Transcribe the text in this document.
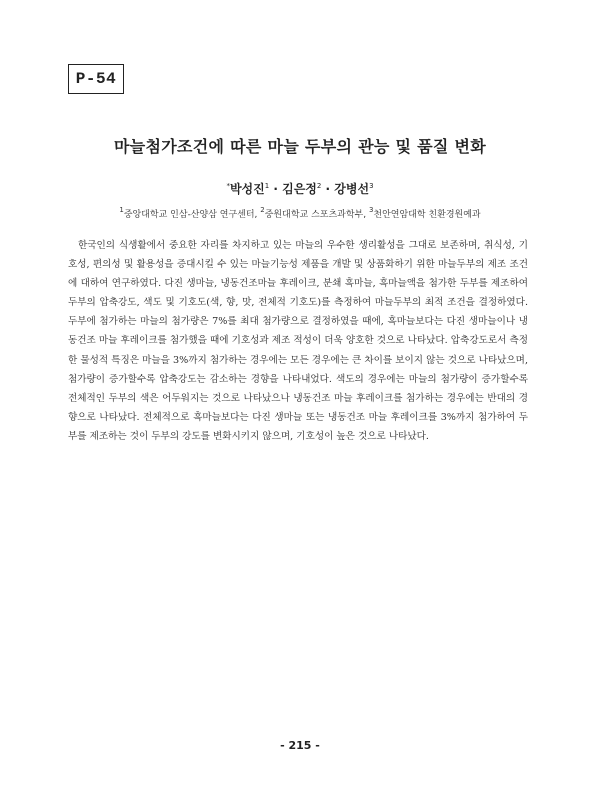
P-54
마늘첨가조건에 따른 마늘 두부의 관능 및 품질 변화
*박성진$^1$ · 김은정$^2$ · 강병선$^3$
$^1$중앙대학교 인삼-산양삼 연구센터, $^2$중원대학교 스포츠과학부, $^3$천안연암대학 친환경원예과

한국인의 식생활에서 중요한 자리를 차지하고 있는 마늘의 우수한 생리활성을 그대로 보존하며, 취식성, 기호성, 편의성 및 활용성을 증대시킬 수 있는 마늘기능성 제품을 개발 및 상품화하기 위한 마늘두부의 제조 조건에 대하여 연구하였다. 다진 생마늘, 냉동건조마늘 후레이크, 분쇄 흑마늘, 흑마늘액을 첨가한 두부를 제조하여 두부의 압축강도, 색도 및 기호도(색, 향, 맛, 전체적 기호도)를 측정하여 마늘두부의 최적 조건을 결정하였다. 두부에 첨가하는 마늘의 첨가량은 7%를 최대 첨가량으로 결정하였을 때에, 흑마늘보다는 다진 생마늘이나 냉동건조 마늘 후레이크를 첨가했을 때에 기호성과 제조 적성이 더욱 양호한 것으로 나타났다. 압축강도로서 측정한 물성적 특징은 마늘을 3%까지 첨가하는 경우에는 모든 경우에는 큰 차이를 보이지 않는 것으로 나타났으며, 첨가량이 증가할수록 압축강도는 감소하는 경향을 나타내었다. 색도의 경우에는 마늘의 첨가량이 증가할수록 전체적인 두부의 색은 어두워지는 것으로 나타났으나 냉동건조 마늘 후레이크를 첨가하는 경우에는 반대의 경향으로 나타났다. 전체적으로 흑마늘보다는 다진 생마늘 또는 냉동건조 마늘 후레이크를 3%까지 첨가하여 두부를 제조하는 것이 두부의 강도를 변화시키지 않으며, 기호성이 높은 것으로 나타났다.

- 215 -
